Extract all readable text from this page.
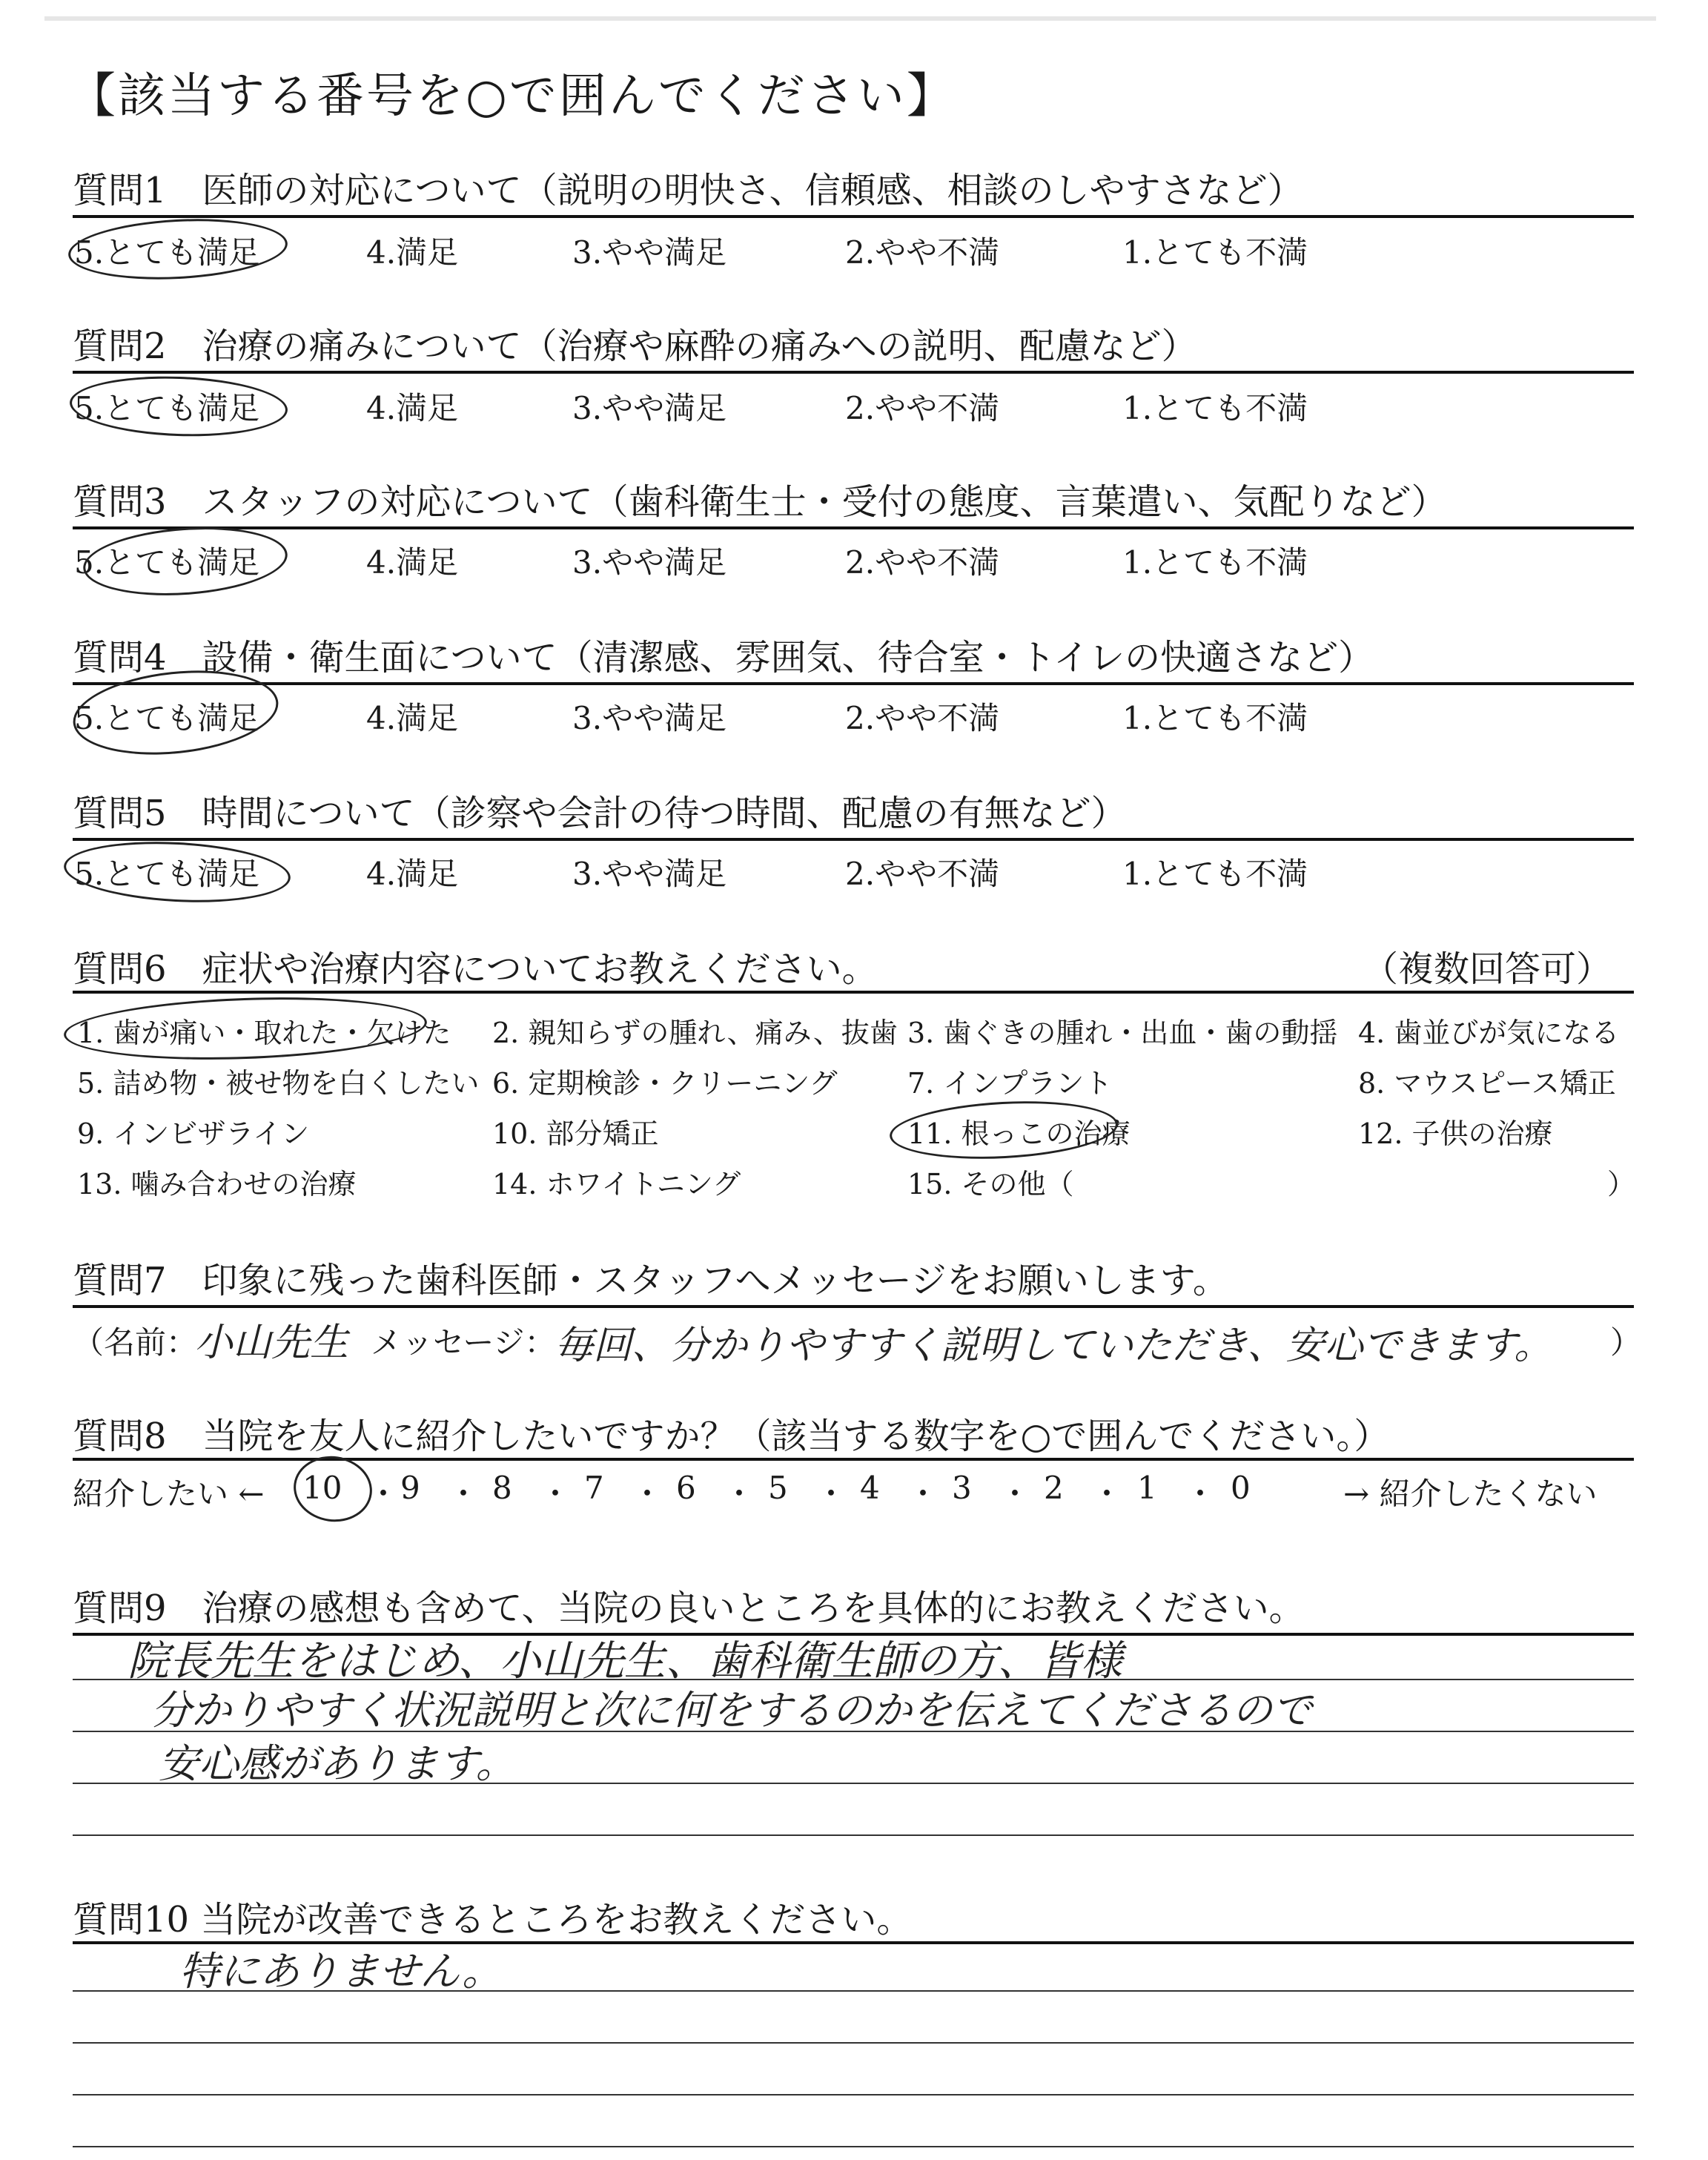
【該当する番号を○で囲んでください】
質問1　医師の対応について（説明の明快さ、信頼感、相談のしやすさなど）
5.とても満足	4.満足	3.やや満足	2.やや不満	1.とても不満
質問2　治療の痛みについて（治療や麻酔の痛みへの説明、配慮など）
5.とても満足	4.満足	3.やや満足	2.やや不満	1.とても不満
質問3　スタッフの対応について（歯科衛生士・受付の態度、言葉遣い、気配りなど）
5.とても満足	4.満足	3.やや満足	2.やや不満	1.とても不満
質問4　設備・衛生面について（清潔感、雰囲気、待合室・トイレの快適さなど）
5.とても満足	4.満足	3.やや満足	2.やや不満	1.とても不満
質問5　時間について（診察や会計の待つ時間、配慮の有無など）
5.とても満足	4.満足	3.やや満足	2.やや不満	1.とても不満
質問6　症状や治療内容についてお教えください。	（複数回答可）
1. 歯が痛い・取れた・欠けた 2. 親知らずの腫れ、痛み、抜歯 3. 歯ぐきの腫れ・出血・歯の動揺 4. 歯並びが気になる
5. 詰め物・被せ物を白くしたい 6. 定期検診・クリーニング 7. インプラント	8. マウスピース矯正
9. インビザライン	10. 部分矯正	11. 根っこの治療	12. 子供の治療
13. 噛み合わせの治療	14. ホワイトニング	15. その他（	）
質問7　印象に残った歯科医師・スタッフへメッセージをお願いします。
（名前：
小山先生 メッセージ：
毎回、分かりやすすく説明していただき、安心できます。 ）
質問8　当院を友人に紹介したいですか？（該当する数字を○で囲んでください。）
紹介したい ← 10 9 8 7 6 5 4 3 2 1 0
・ ・ ・ ・ ・ ・ ・ ・ ・ ・	→ 紹介したくない
質問9　治療の感想も含めて、当院の良いところを具体的にお教えください。
院長先生をはじめ、小山先生、歯科衛生師の方、皆様
分かりやすく状況説明と次に何をするのかを伝えてくださるので
安心感があります。
質問10 当院が改善できるところをお教えください。
特にありません。
